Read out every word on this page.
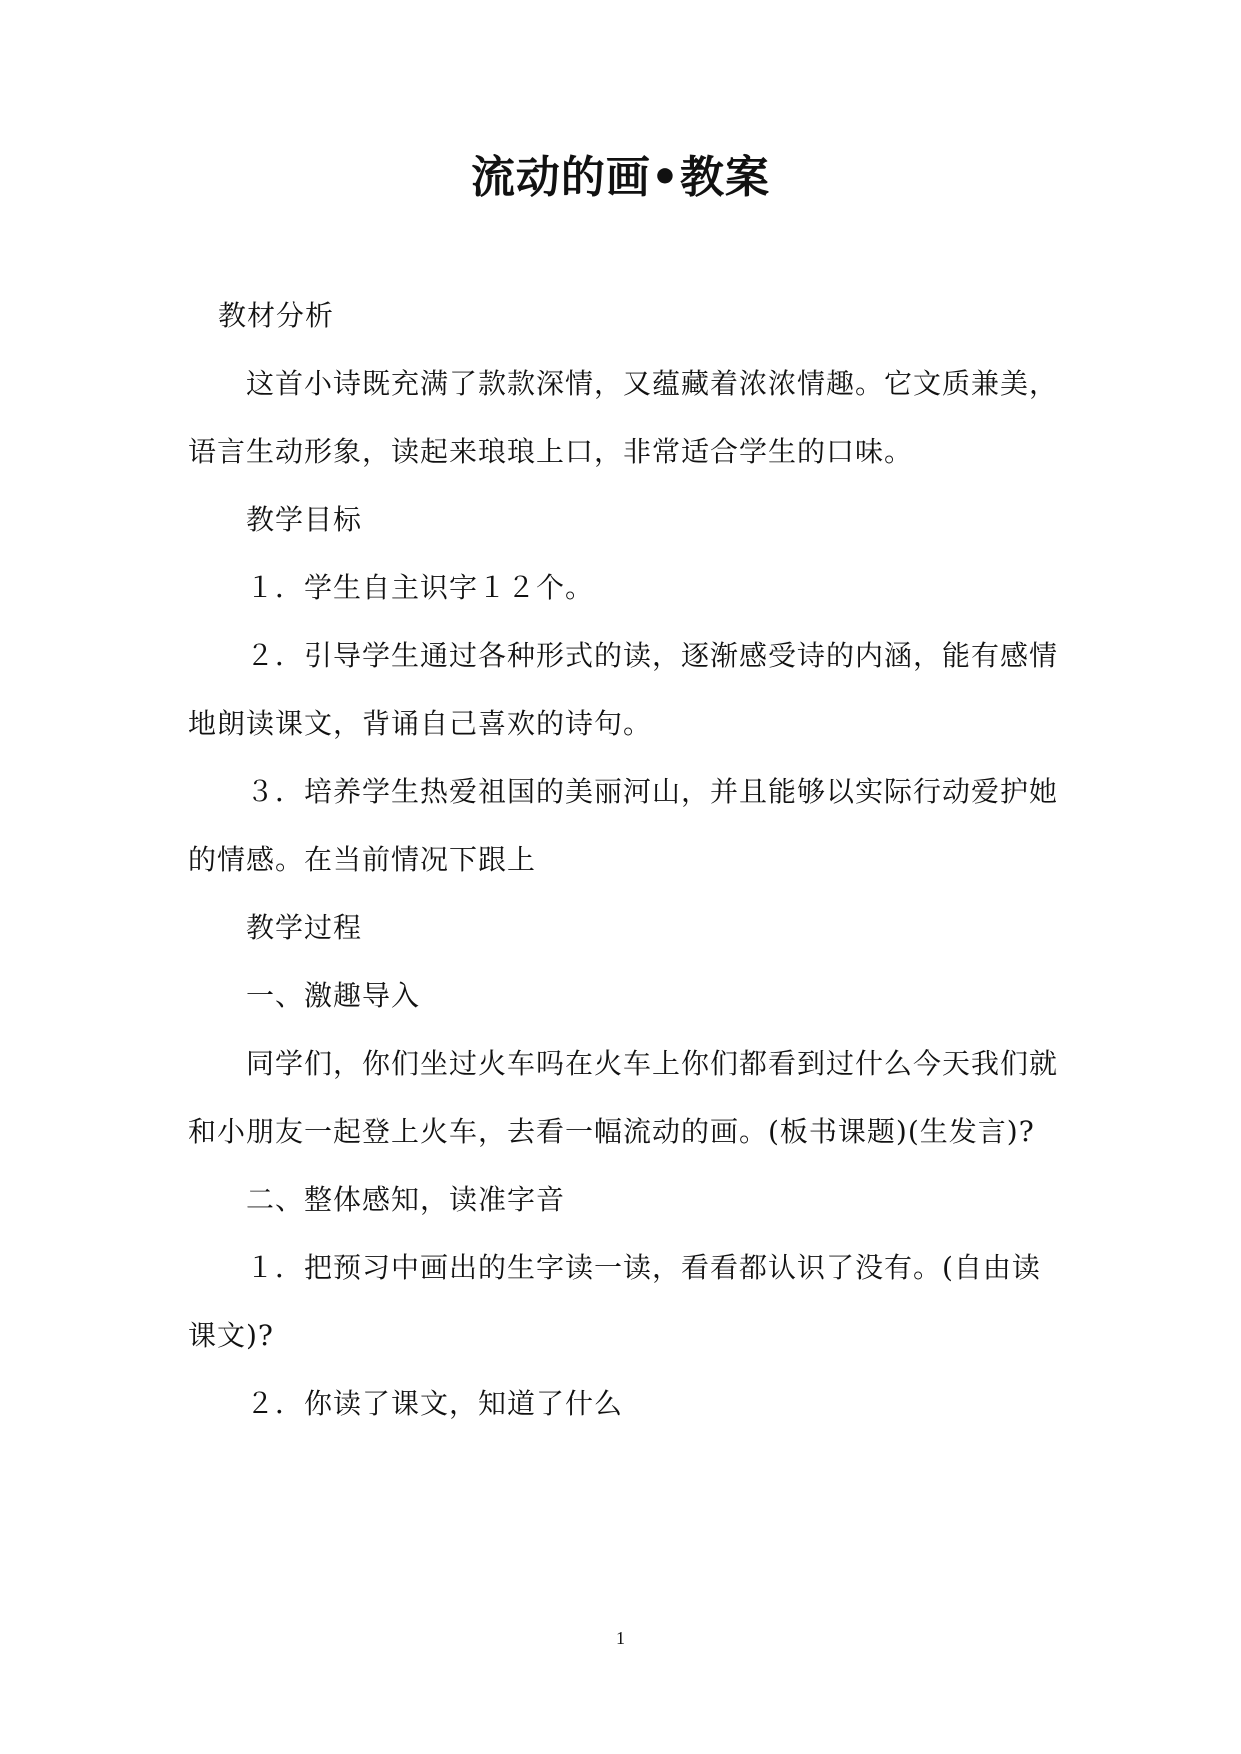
流动的画•教案
教材分析
这首小诗既充满了款款深情，又蕴藏着浓浓情趣。它文质兼美，
语言生动形象，读起来琅琅上口，非常适合学生的口味。
教学目标
１．学生自主识字１２个。
２．引导学生通过各种形式的读，逐渐感受诗的内涵，能有感情
地朗读课文，背诵自己喜欢的诗句。
３．培养学生热爱祖国的美丽河山，并且能够以实际行动爱护她
的情感。在当前情况下跟上
教学过程
一、激趣导入
同学们，你们坐过火车吗在火车上你们都看到过什么今天我们就
和小朋友一起登上火车，去看一幅流动的画。(板书课题)(生发言)?
二、整体感知，读准字音
１．把预习中画出的生字读一读，看看都认识了没有。(自由读
课文)?
２．你读了课文，知道了什么
1
